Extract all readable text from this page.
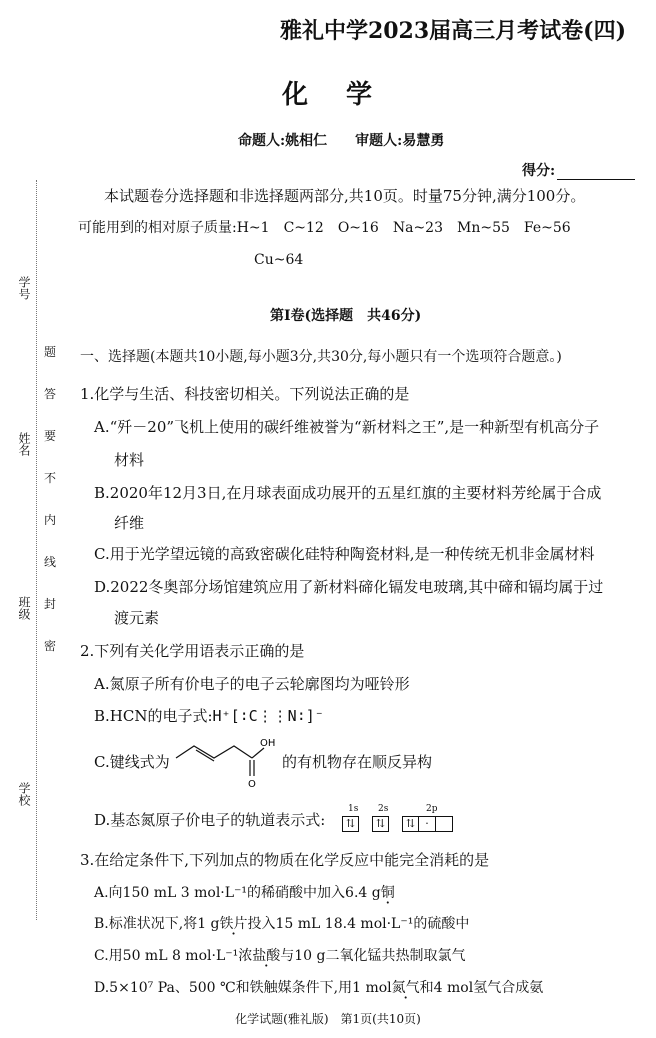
雅礼中学2023届高三月考试卷(四)
化学
命题人:姚相仁　　审题人:易慧勇
得分:
学号
姓名
班级
学校
题
答
要
不
内
线
封
密
本试题卷分选择题和非选择题两部分,共10页。时量75分钟,满分100分。
可能用到的相对原子质量:H~1　C~12　O~16　Na~23　Mn~55　Fe~56
Cu~64
第Ⅰ卷(选择题　共46分)
一、选择题(本题共10小题,每小题3分,共30分,每小题只有一个选项符合题意。)
1.化学与生活、科技密切相关。下列说法正确的是
A.“歼－20”飞机上使用的碳纤维被誉为“新材料之王”,是一种新型有机高分子
材料
B.2020年12月3日,在月球表面成功展开的五星红旗的主要材料芳纶属于合成
纤维
C.用于光学望远镜的高致密碳化硅特种陶瓷材料,是一种传统无机非金属材料
D.2022冬奥部分场馆建筑应用了新材料碲化镉发电玻璃,其中碲和镉均属于过
渡元素
2.下列有关化学用语表示正确的是
A.氮原子所有价电子的电子云轮廓图均为哑铃形
B.HCN的电子式:H⁺[∶C⋮⋮N∶]⁻
C.键线式为
OH
O
的有机物存在顺反异构
D.基态氮原子价电子的轨道表示式:
1s 2s	2p
⇅	⇅	⇅ ·
3.在给定条件下,下列加点的物质在化学反应中能完全消耗的是
A.向150 mL 3 mol·L⁻¹的稀硝酸中加入6.4 g铜
B.标准状况下,将1 g铁片投入15 mL 18.4 mol·L⁻¹的硫酸中
C.用50 mL 8 mol·L⁻¹浓盐酸与10 g二氧化锰共热制取氯气
D.5×10⁷ Pa、500 ℃和铁触媒条件下,用1 mol氮气和4 mol氢气合成氨
化学试题(雅礼版)　第1页(共10页)
